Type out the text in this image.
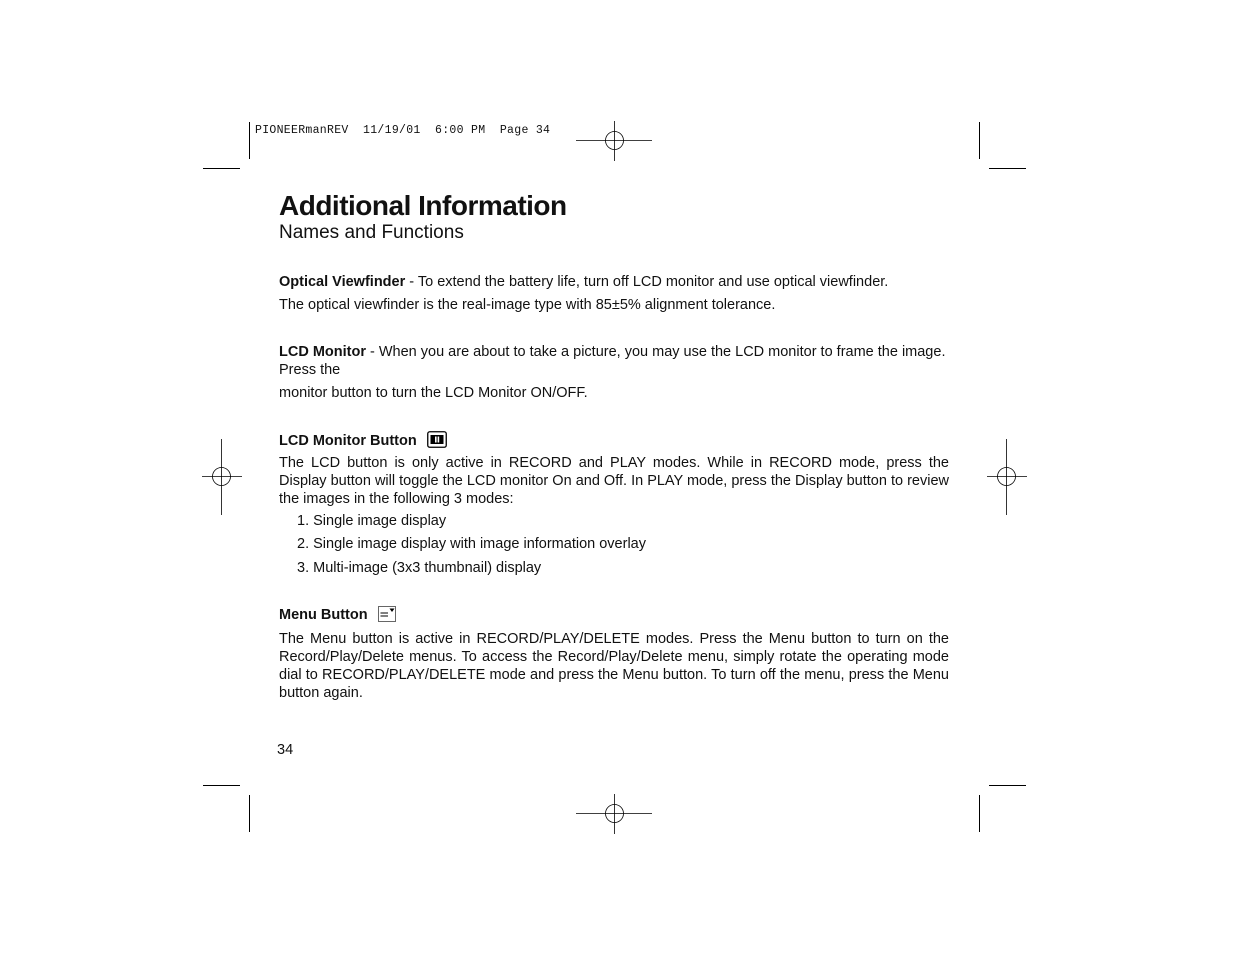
PIONEERmanREV  11/19/01  6:00 PM  Page 34
Additional Information
Names and Functions
Optical Viewfinder - To extend the battery life, turn off LCD monitor and use optical viewfinder.
The optical viewfinder is the real-image type with 85±5% alignment tolerance.
LCD Monitor - When you are about to take a picture, you may use the LCD monitor to frame the image. Press the
monitor button to turn the LCD Monitor ON/OFF.
LCD Monitor Button
The LCD button is only active in RECORD and PLAY modes. While in RECORD mode, press the Display button will toggle the LCD monitor On and Off. In PLAY mode, press the Display button to review the images in the following 3 modes:
1. Single image display
2. Single image display with image information overlay
3. Multi-image (3x3 thumbnail) display
Menu Button
The Menu button is active in RECORD/PLAY/DELETE modes. Press the Menu button to turn on the Record/Play/Delete menus. To access the Record/Play/Delete menu, simply rotate the operating mode dial to RECORD/PLAY/DELETE mode and press the Menu button. To turn off the menu, press the Menu button again.
34
